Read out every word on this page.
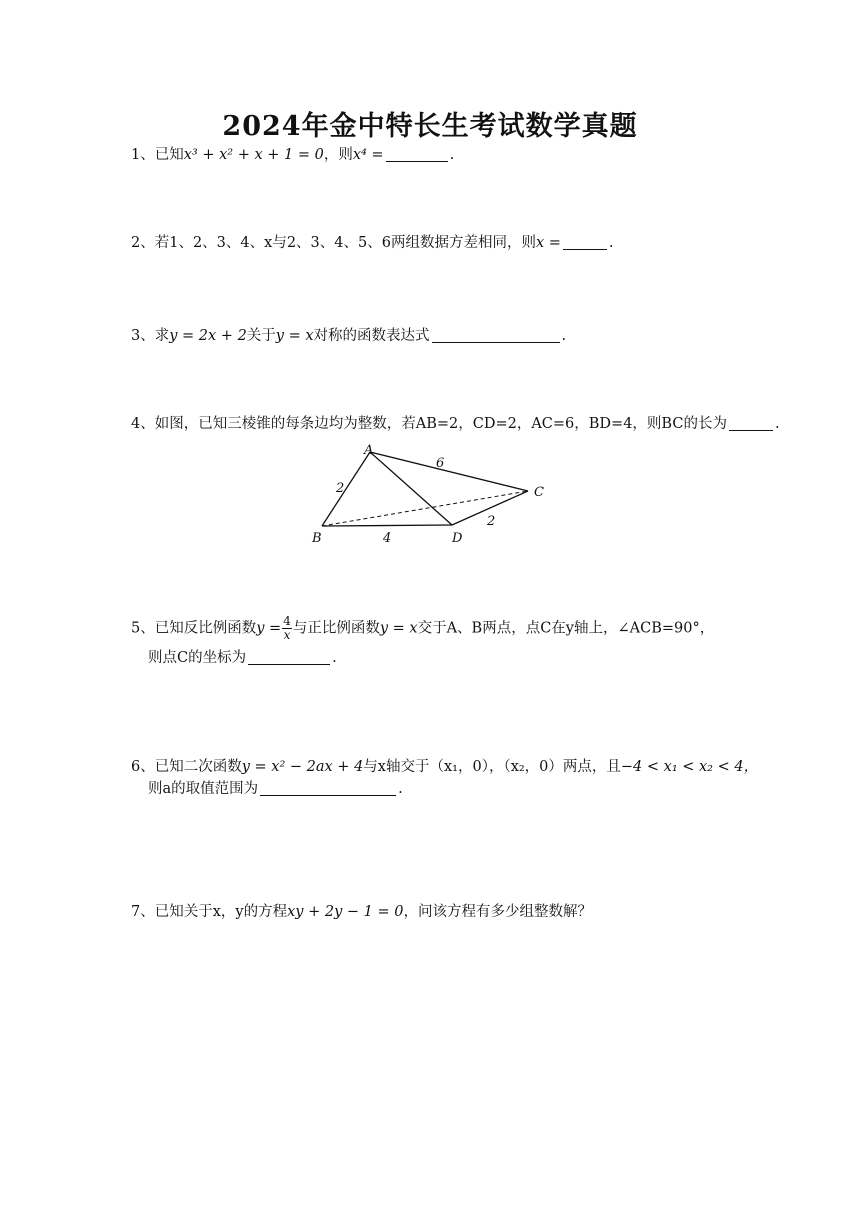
2024年金中特长生考试数学真题
1、已知x³ + x² + x + 1 = 0，则x⁴ =	.
2、若1、2、3、4、x与2、3、4、5、6两组数据方差相同，则x =	.
3、求y = 2x + 2关于y = x对称的函数表达式	.
4、如图，已知三棱锥的每条边均为整数，若AB=2，CD=2，AC=6，BD=4，则BC的长为	.
A
B
C
D
2
6
4
2
5、已知反比例函数$y = \frac{4}{x}$ 与正比例函数y = x交于A、B两点，点C在y轴上，∠ACB=90°，
则点C的坐标为	.
6、已知二次函数y = x² − 2ax + 4与x轴交于（x₁，0），（x₂，0）两点，且−4 < x₁ < x₂ < 4，
则a的取值范围为	.
7、已知关于x，y的方程xy + 2y − 1 = 0，问该方程有多少组整数解？
